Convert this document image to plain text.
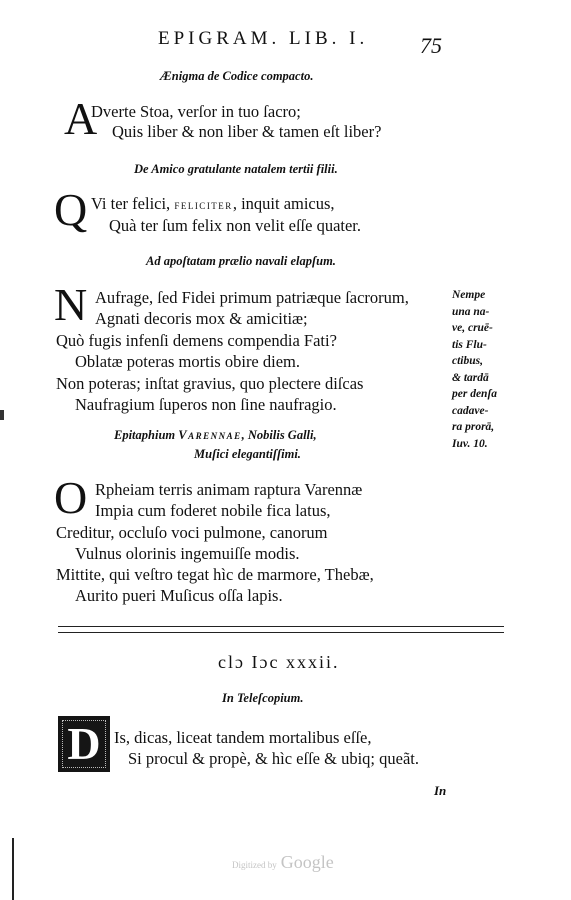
EPIGRAM. LIB. I. 75
Ænigma de Codice compacto.
A
Dverte Stoa, verſor in tuo ſacro;
Quis liber & non liber & tamen eſt liber?
De Amico gratulante natalem tertii filii.
Q Vi ter felici, feliciter, inquit amicus,
Quà ter ſum felix non velit eſſe quater.
Ad apoſtatam prælio navali elapſum.
N Aufrage, ſed Fidei primum patriæque ſacrorum,
Agnati decoris mox & amicitiæ;
Quò fugis infenſi demens compendia Fati?
Oblatæ poteras mortis obire diem.
Non poteras; inſtat gravius, quo plectere diſcas
Naufragium ſuperos non ſine naufragio.
Nempe
una na-
ve, cruē-
tis Flu-
ctibus,
& tardā
per denſa
cadave-
ra prorā,
Iuv. 10.
Epitaphium Varennae, Nobilis Galli,
Muſici elegantiſſimi.
O Rpheiam terris animam raptura Varennæ
Impia cum foderet nobile fica latus,
Creditur, occluſo voci pulmone, canorum
Vulnus olorinis ingemuiſſe modis.
Mittite, qui veſtro tegat hìc de marmore, Thebæ,
Aurito pueri Muſicus oſſa lapis.
clɔ Iɔc xxxii.
In Teleſcopium.
D Is, dicas, liceat tandem mortalibus eſſe,
Si procul & propè, & hìc eſſe & ubiq; queãt.
In
Digitized by Google
